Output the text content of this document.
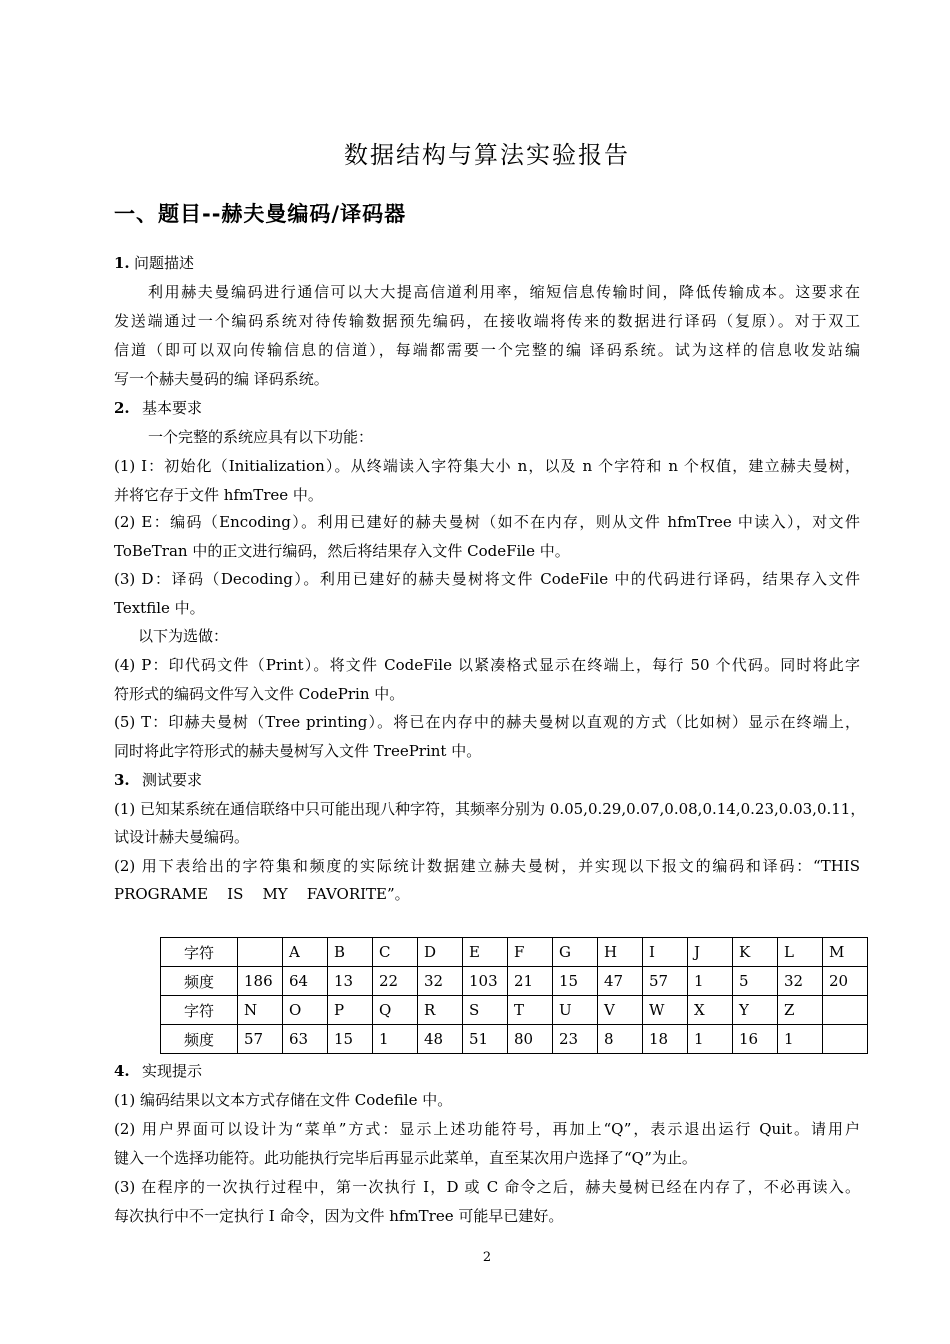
数据结构与算法实验报告
一、题目--赫夫曼编码/译码器
1. 问题描述
利用赫夫曼编码进行通信可以大大提高信道利用率，缩短信息传输时间，降低传输成本。这要求在
发送端通过一个编码系统对待传输数据预先编码，在接收端将传来的数据进行译码（复原）。对于双工
信道（即可以双向传输信息的信道），每端都需要一个完整的编 译码系统。试为这样的信息收发站编
写一个赫夫曼码的编 译码系统。
2. 基本要求
一个完整的系统应具有以下功能：
(1) I：初始化（Initialization）。从终端读入字符集大小 n，以及 n 个字符和 n 个权值，建立赫夫曼树，
并将它存于文件 hfmTree 中。
(2) E：编码（Encoding）。利用已建好的赫夫曼树（如不在内存，则从文件 hfmTree 中读入），对文件
ToBeTran 中的正文进行编码，然后将结果存入文件 CodeFile 中。
(3) D：译码（Decoding）。利用已建好的赫夫曼树将文件 CodeFile 中的代码进行译码，结果存入文件
Textfile 中。
以下为选做：
(4) P：印代码文件（Print）。将文件 CodeFile 以紧凑格式显示在终端上，每行 50 个代码。同时将此字
符形式的编码文件写入文件 CodePrin 中。
(5) T：印赫夫曼树（Tree printing）。将已在内存中的赫夫曼树以直观的方式（比如树）显示在终端上，
同时将此字符形式的赫夫曼树写入文件 TreePrint 中。
3. 测试要求
(1) 已知某系统在通信联络中只可能出现八种字符，其频率分别为 0.05,0.29,0.07,0.08,0.14,0.23,0.03,0.11，
试设计赫夫曼编码。
(2) 用下表给出的字符集和频度的实际统计数据建立赫夫曼树，并实现以下报文的编码和译码：“THIS
PROGRAME    IS    MY    FAVORITE”。
字符		A	B	C	D	E	F	G	H	I	J	K	L	M
频度	186	64	13	22	32	103	21	15	47	57	1	5	32	20
字符	N	O	P	Q	R	S	T	U	V	W	X	Y	Z	
频度	57	63	15	1	48	51	80	23	8	18	1	16	1	
4. 实现提示
(1) 编码结果以文本方式存储在文件 Codefile 中。
(2) 用户界面可以设计为“菜单”方式：显示上述功能符号，再加上“Q”，表示退出运行 Quit。请用户
键入一个选择功能符。此功能执行完毕后再显示此菜单，直至某次用户选择了“Q”为止。
(3) 在程序的一次执行过程中，第一次执行 I，D 或 C 命令之后，赫夫曼树已经在内存了，不必再读入。
每次执行中不一定执行 I 命令，因为文件 hfmTree 可能早已建好。
2
